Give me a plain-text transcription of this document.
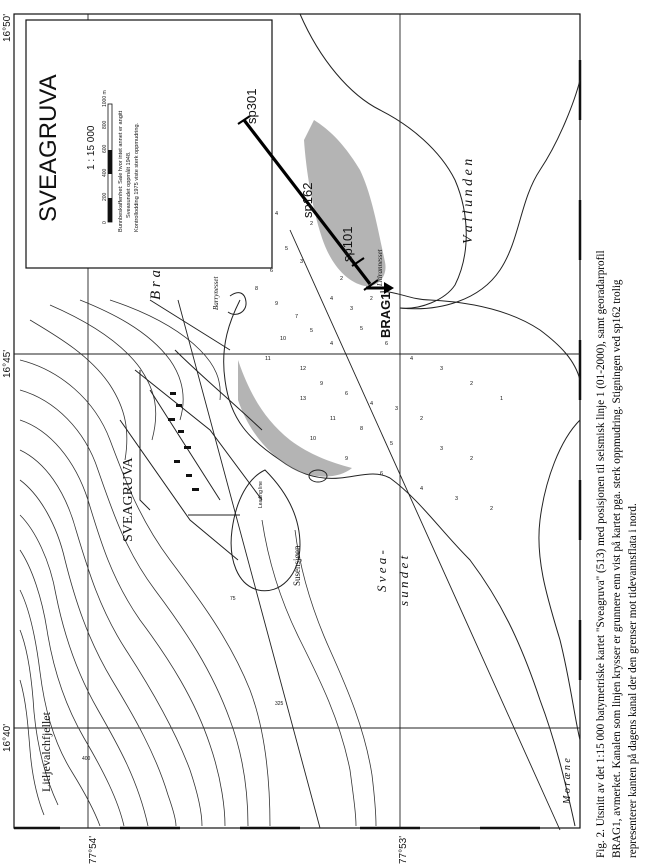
4
5
3
6
8
9
7
5
4
10
11
12
9
6
4
3
2
13
11
8
5
3
2
10
9
6
4
3
2
4
3
2
5
6
4
3
2
1
2
400
75
325
2
V a l l u n d e n
SVEAGRUVA
S v e a - s u n d e t
Susensjøen
Litljevalchfjellet	M o r æ n e
Barrynesset
Litlrannesset
Leading line
SVEAGRUVA 1 : 15 000
0
200
400
600
800
1000 m
Bunnbeskaffenhet: Sale hvor intet annet er angitt Sveasundet oppmålt 1948. Kontrollodding 1975 viste sterk oppmudring.
sp301
sp162
sp101
BRAG1
16°50'
16°45'
16°40'
77°54'	77°53'	Fig. 2. Utsnitt av det 1:15 000 batymetriske kartet "Sveagruva" (513) med posisjonen til seismisk linje 1 (01-2000), samt georadarprofil BRAG1, avmerket. Kanalen som linjen krysser er grunnere enn vist på kartet pga. sterk oppmudring. Stigningen ved sp162 trolig representerer kanten på dagens kanal der den grenser mot tidevannsflata i nord.
